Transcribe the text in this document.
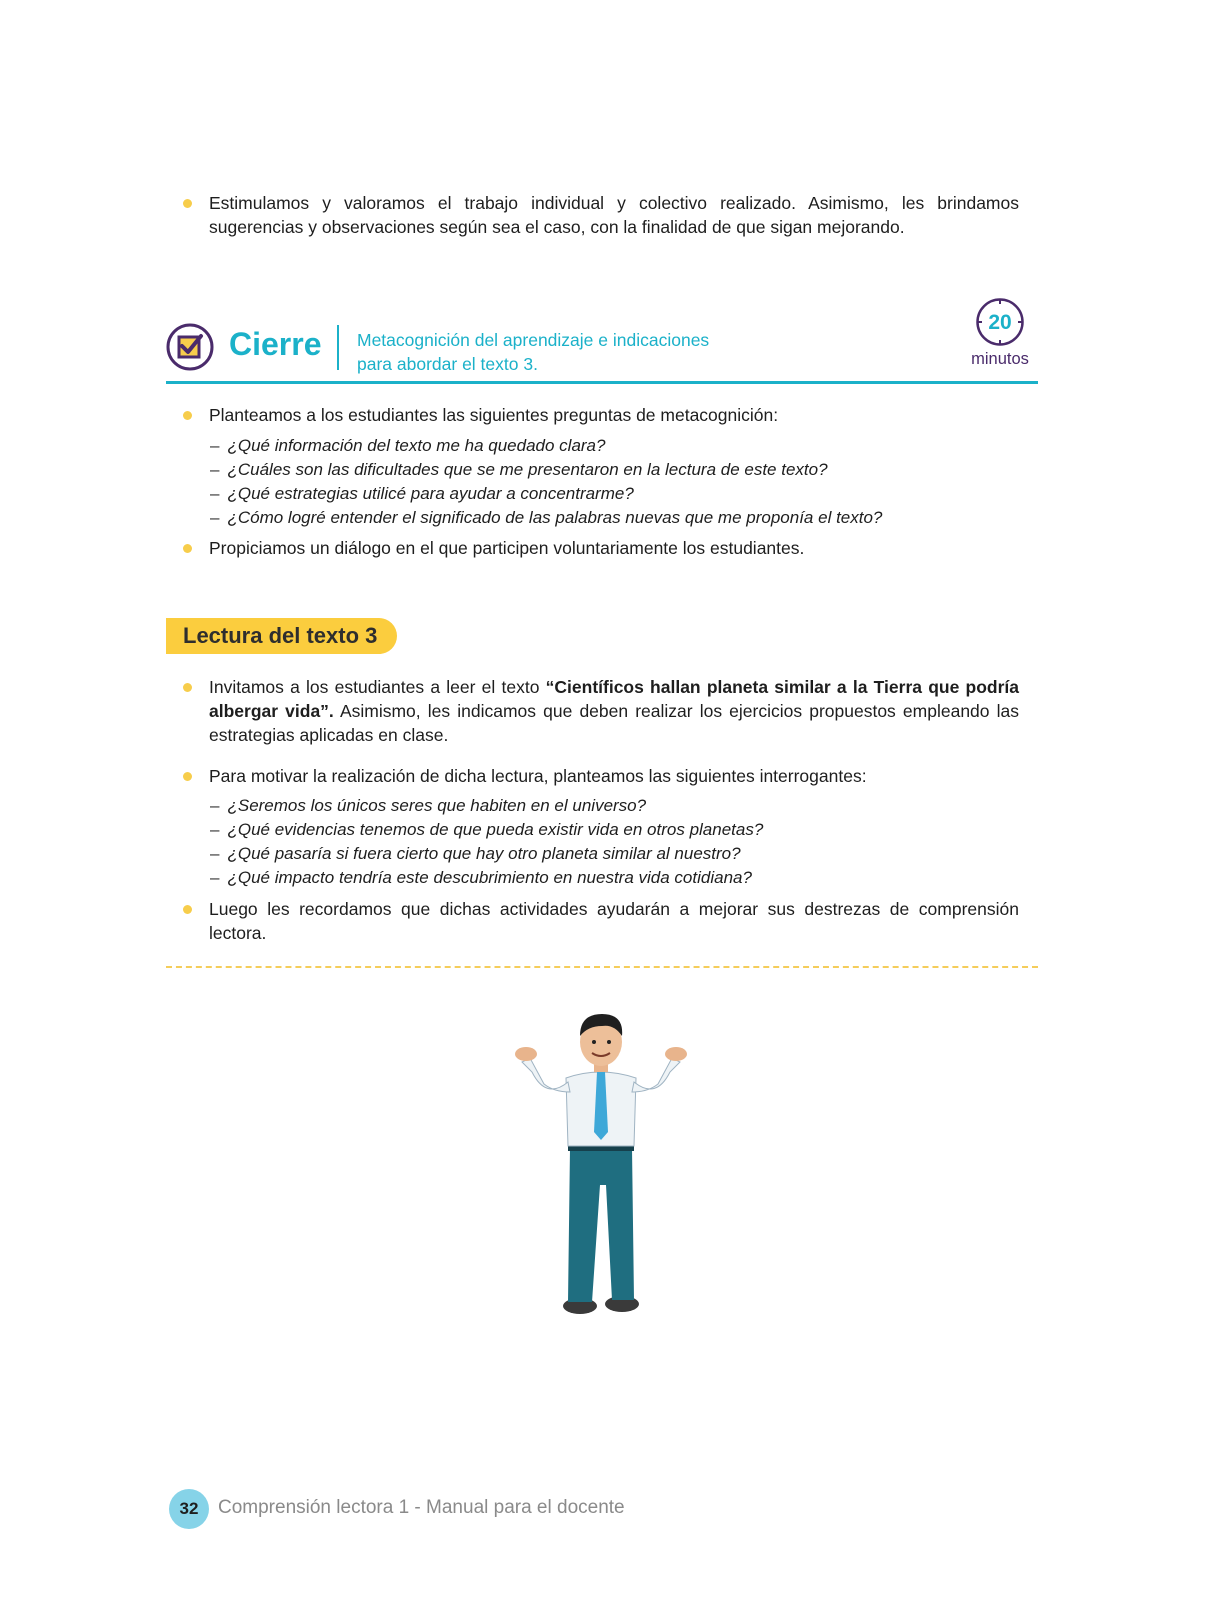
Estimulamos y valoramos el trabajo individual y colectivo realizado. Asimismo, les brindamos sugerencias y observaciones según sea el caso, con la finalidad de que sigan mejorando.
Cierre Metacognición del aprendizaje e indicaciones
para abordar el texto 3.
20
minutos
Planteamos a los estudiantes las siguientes preguntas de metacognición:
– ¿Qué información del texto me ha quedado clara?
– ¿Cuáles son las dificultades que se me presentaron en la lectura de este texto?
– ¿Qué estrategias utilicé para ayudar a concentrarme?
– ¿Cómo logré entender el significado de las palabras nuevas que me proponía el texto?
Propiciamos un diálogo en el que participen voluntariamente los estudiantes.
Lectura del texto 3
Invitamos a los estudiantes a leer el texto “Científicos hallan planeta similar a la Tierra que podría albergar vida”. Asimismo, les indicamos que deben realizar los ejercicios propuestos empleando las estrategias aplicadas en clase.
Para motivar la realización de dicha lectura, planteamos las siguientes interrogantes:
– ¿Seremos los únicos seres que habiten en el universo?
– ¿Qué evidencias tenemos de que pueda existir vida en otros planetas?
– ¿Qué pasaría si fuera cierto que hay otro planeta similar al nuestro?
– ¿Qué impacto tendría este descubrimiento en nuestra vida cotidiana?
Luego les recordamos que dichas actividades ayudarán a mejorar sus destrezas de comprensión lectora.
32	Comprensión lectora 1 - Manual para el docente
